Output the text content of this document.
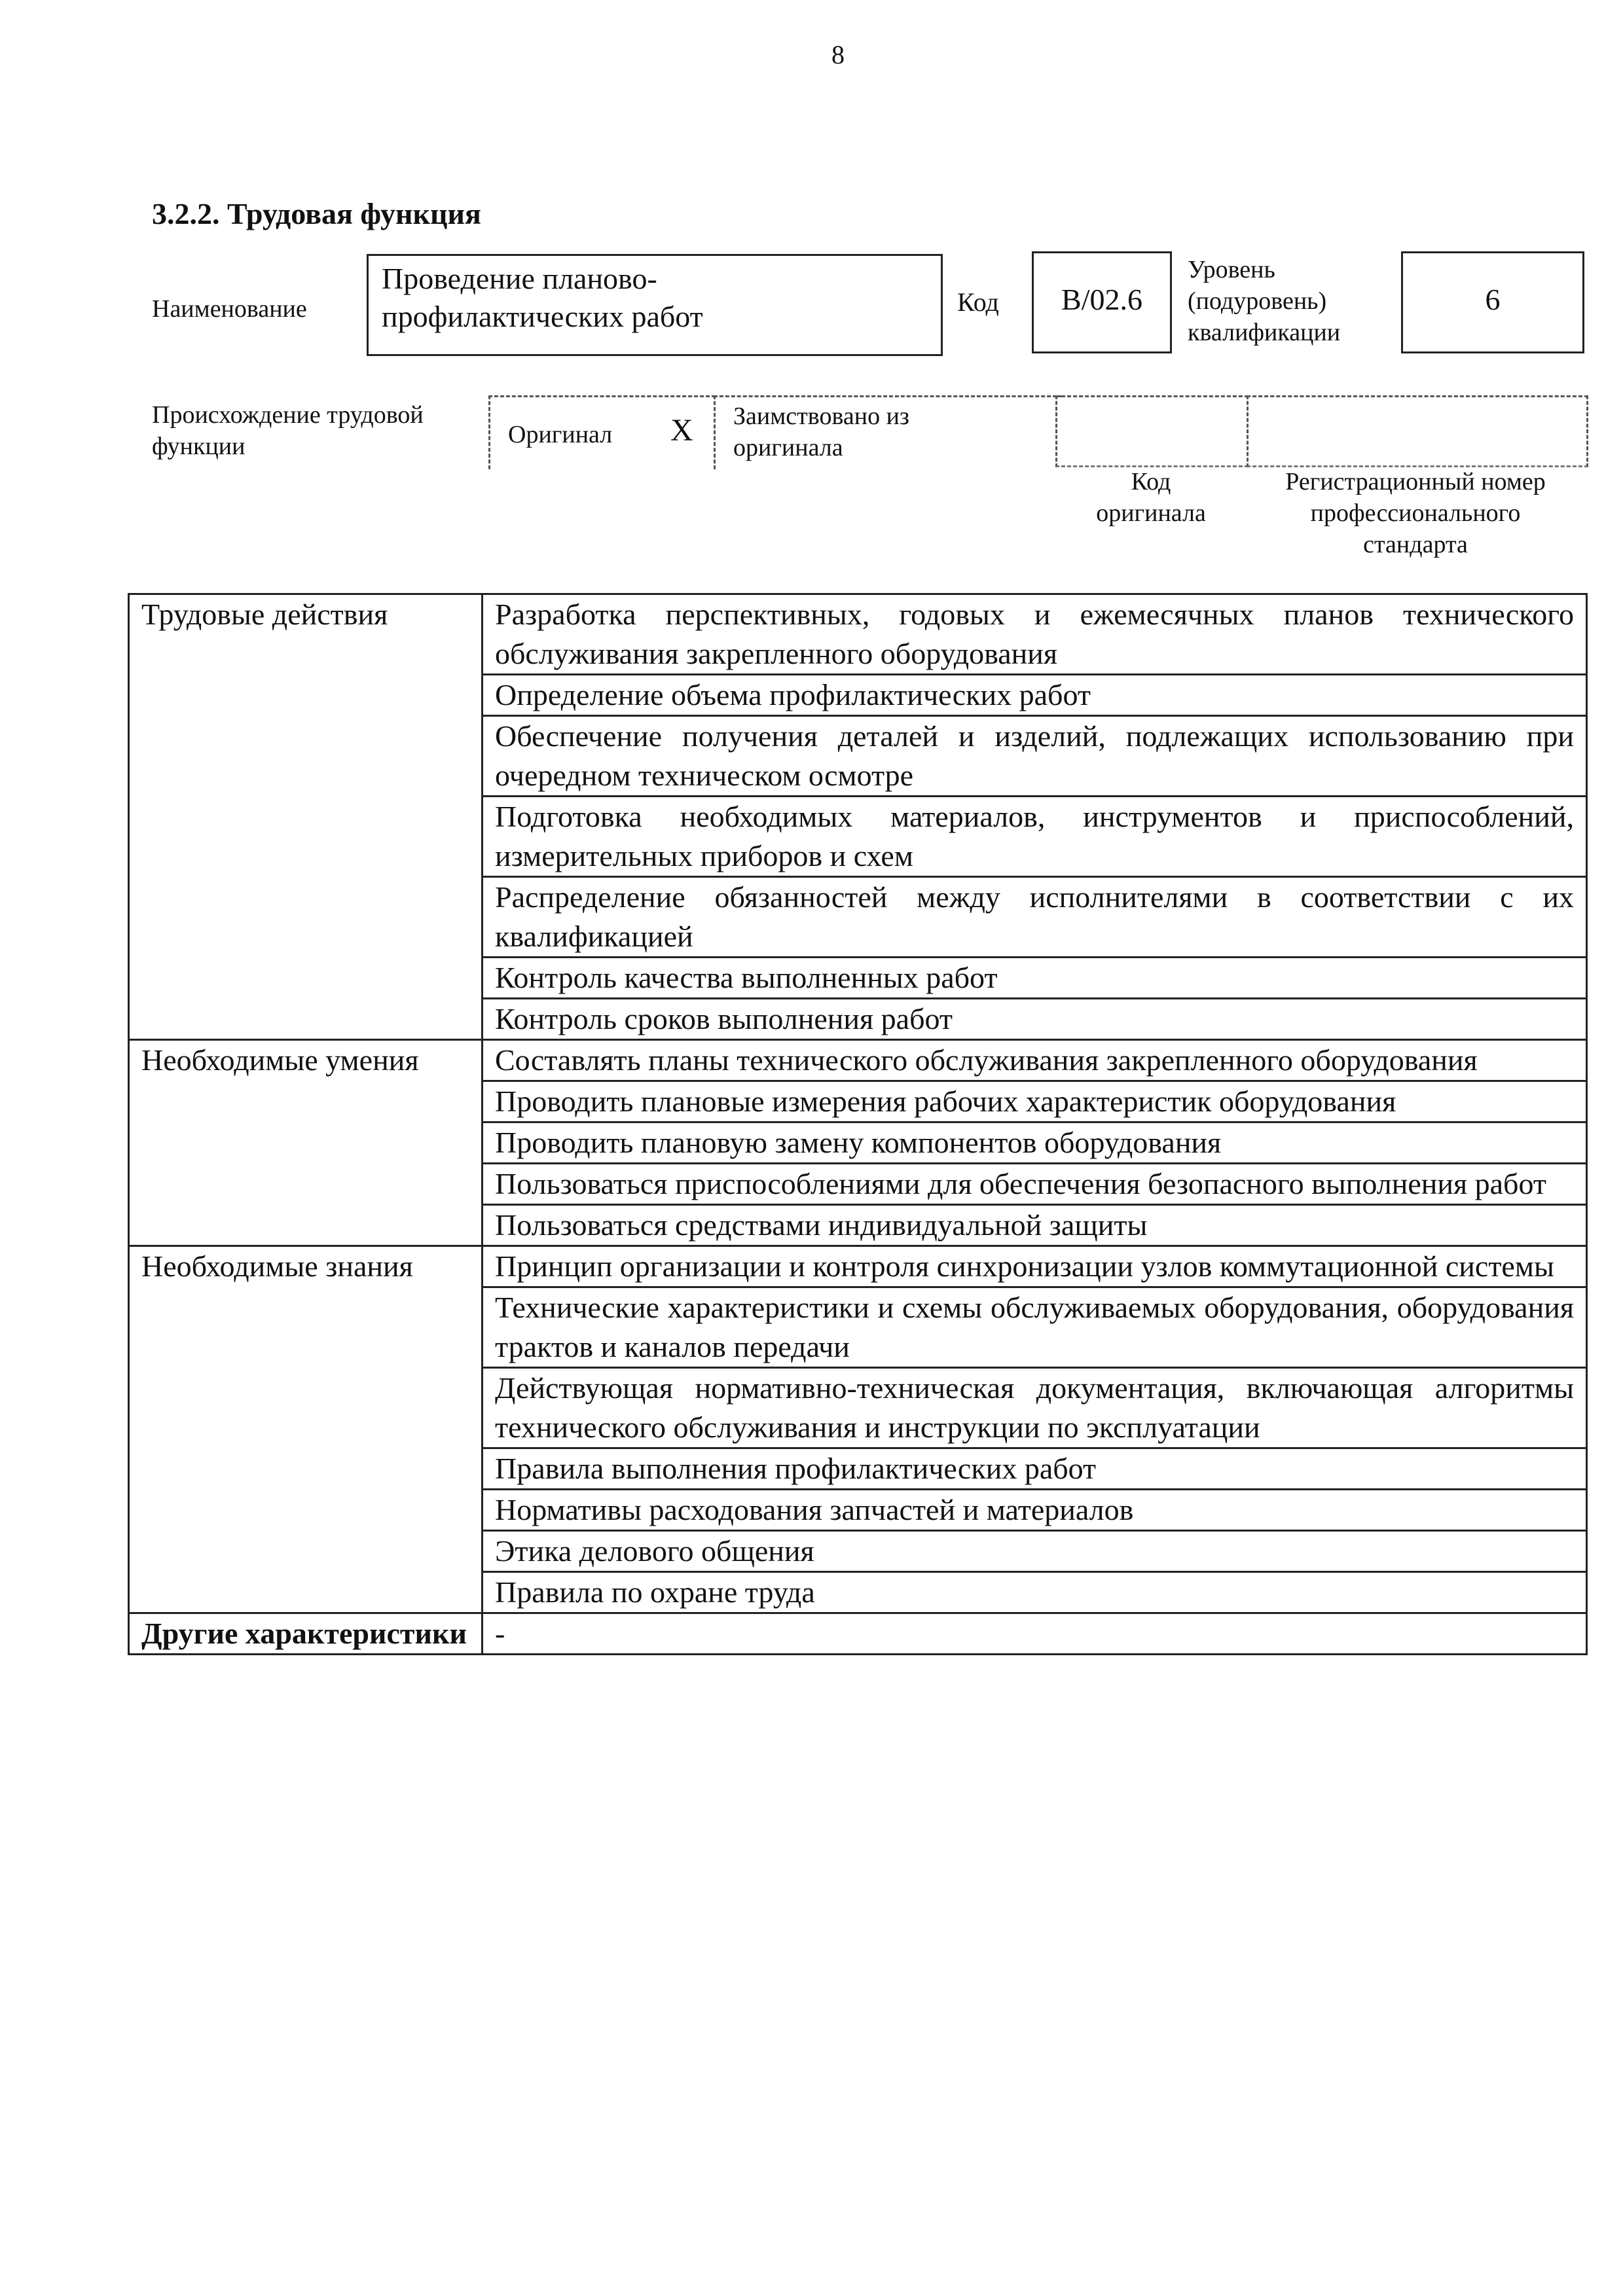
8
3.2.2. Трудовая функция
Наименование
Проведение планово-
профилактических работ	Код	B/02.6
Уровень
(подуровень)
квалификации
6
Происхождение трудовой
функции	Оригинал X Заимствовано из
оригинала
Код
оригинала
Регистрационный номер
профессионального
стандарта
Трудовые действия	Разработка перспективных, годовых и ежемесячных планов технического обслуживания закрепленного оборудования
	Определение объема профилактических работ
	Обеспечение получения деталей и изделий, подлежащих использованию при очередном техническом осмотре
	Подготовка необходимых материалов, инструментов и приспособлений, измерительных приборов и схем
	Распределение обязанностей между исполнителями в соответствии с их квалификацией
	Контроль качества выполненных работ
	Контроль сроков выполнения работ
Необходимые умения	Составлять планы технического обслуживания закрепленного оборудования
	Проводить плановые измерения рабочих характеристик оборудования
	Проводить плановую замену компонентов оборудования
	Пользоваться приспособлениями для обеспечения безопасного выполнения работ
	Пользоваться средствами индивидуальной защиты
Необходимые знания	Принцип организации и контроля синхронизации узлов коммутационной системы
	Технические характеристики и схемы обслуживаемых оборудования, оборудования трактов и каналов передачи
	Действующая нормативно-техническая документация, включающая алгоритмы технического обслуживания и инструкции по эксплуатации
	Правила выполнения профилактических работ
	Нормативы расходования запчастей и материалов
	Этика делового общения
	Правила по охране труда
Другие характеристики	-
